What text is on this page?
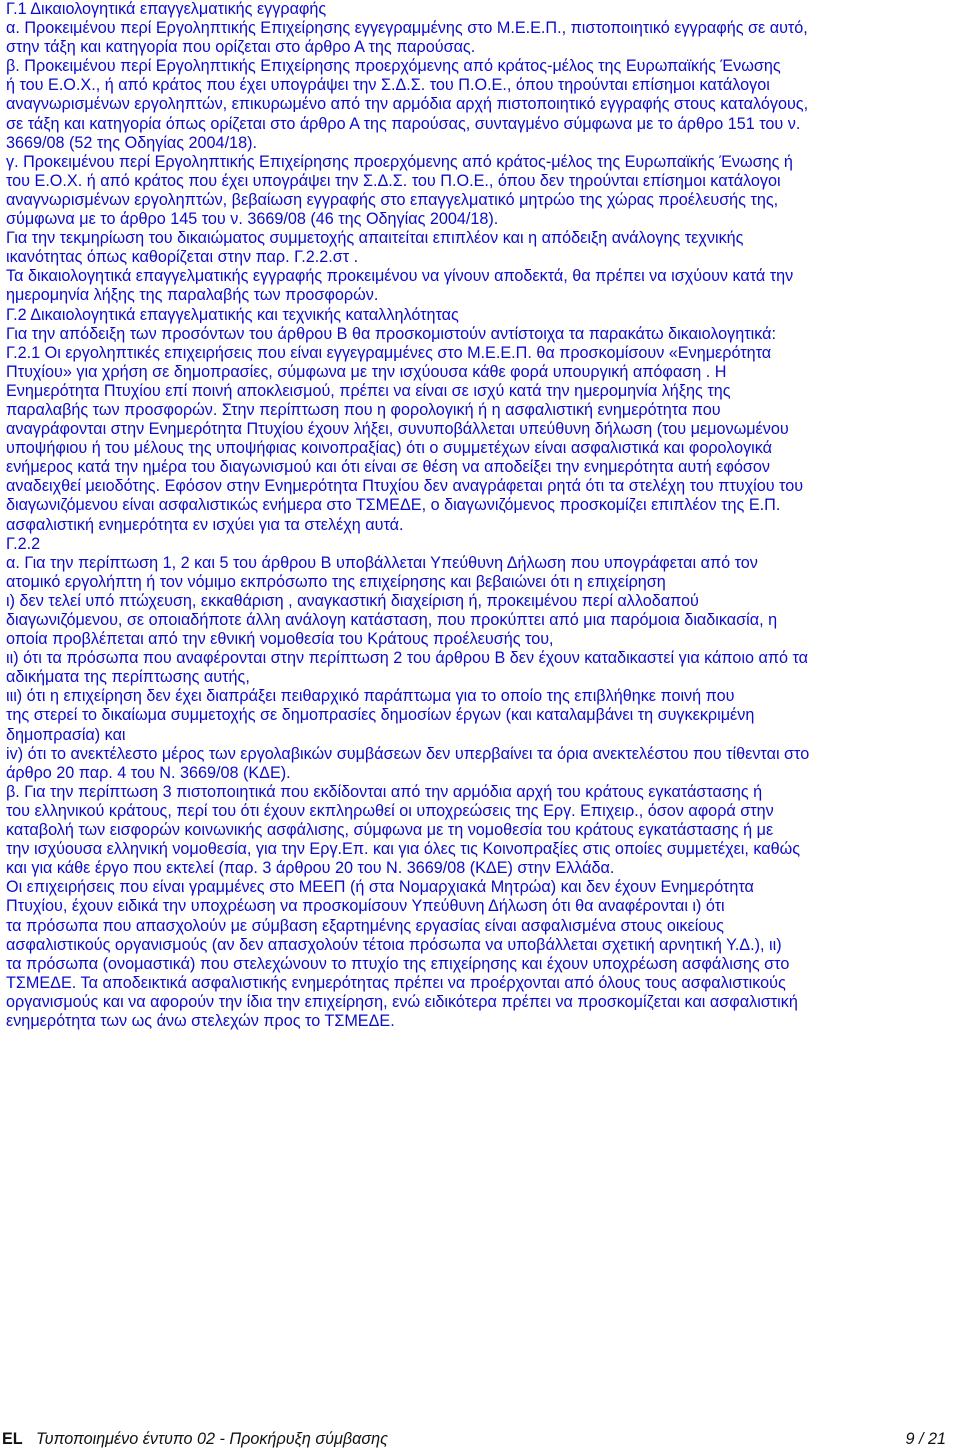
Γ.1 Δικαιολογητικά επαγγελματικής εγγραφής
α. Προκειμένου περί Εργοληπτικής Επιχείρησης εγγεγραμμένης στο Μ.Ε.Ε.Π., πιστοποιητικό εγγραφής σε αυτό,
στην τάξη και κατηγορία που ορίζεται στο άρθρο Α της παρούσας.
β. Προκειμένου περί Εργοληπτικής Επιχείρησης προερχόμενης από κράτος-μέλος της Ευρωπαϊκής Ένωσης
ή του Ε.Ο.Χ., ή από κράτος που έχει υπογράψει την Σ.Δ.Σ. του Π.Ο.Ε., όπου τηρούνται επίσημοι κατάλογοι
αναγνωρισμένων εργοληπτών, επικυρωμένο από την αρμόδια αρχή πιστοποιητικό εγγραφής στους καταλόγους,
σε τάξη και κατηγορία όπως ορίζεται στο άρθρο Α της παρούσας, συνταγμένο σύμφωνα με το άρθρο 151 του ν.
3669/08 (52 της Οδηγίας 2004/18).
γ. Προκειμένου περί Εργοληπτικής Επιχείρησης προερχόμενης από κράτος-μέλος της Ευρωπαϊκής Ένωσης ή
του Ε.Ο.Χ. ή από κράτος που έχει υπογράψει την Σ.Δ.Σ. του Π.Ο.Ε., όπου δεν τηρούνται επίσημοι κατάλογοι
αναγνωρισμένων εργοληπτών, βεβαίωση εγγραφής στο επαγγελματικό μητρώο της χώρας προέλευσής της,
σύμφωνα με το άρθρο 145 του ν. 3669/08 (46 της Οδηγίας 2004/18).
Για την τεκμηρίωση του δικαιώματος συμμετοχής απαιτείται επιπλέον και η απόδειξη ανάλογης τεχνικής
ικανότητας όπως καθορίζεται στην παρ. Γ.2.2.στ .
Τα δικαιολογητικά επαγγελματικής εγγραφής προκειμένου να γίνουν αποδεκτά, θα πρέπει να ισχύουν κατά την
ημερομηνία λήξης της παραλαβής των προσφορών.
Γ.2 Δικαιολογητικά επαγγελματικής και τεχνικής καταλληλότητας
Για την απόδειξη των προσόντων του άρθρου Β θα προσκομιστούν αντίστοιχα τα παρακάτω δικαιολογητικά:
Γ.2.1 Οι εργοληπτικές επιχειρήσεις που είναι εγγεγραμμένες στο Μ.Ε.Ε.Π. θα προσκομίσουν «Ενημερότητα
Πτυχίου» για χρήση σε δημοπρασίες, σύμφωνα με την ισχύουσα κάθε φορά υπουργική απόφαση . Η
Ενημερότητα Πτυχίου επί ποινή αποκλεισμού, πρέπει να είναι σε ισχύ κατά την ημερομηνία λήξης της
παραλαβής των προσφορών. Στην περίπτωση που η φορολογική ή η ασφαλιστική ενημερότητα που
αναγράφονται στην Ενημερότητα Πτυχίου έχουν λήξει, συνυποβάλλεται υπεύθυνη δήλωση (του μεμονωμένου
υποψήφιου ή του μέλους της υποψήφιας κοινοπραξίας) ότι ο συμμετέχων είναι ασφαλιστικά και φορολογικά
ενήμερος κατά την ημέρα του διαγωνισμού και ότι είναι σε θέση να αποδείξει την ενημερότητα αυτή εφόσον
αναδειχθεί μειοδότης. Εφόσον στην Ενημερότητα Πτυχίου δεν αναγράφεται ρητά ότι τα στελέχη του πτυχίου του
διαγωνιζόμενου είναι ασφαλιστικώς ενήμερα στο ΤΣΜΕΔΕ, ο διαγωνιζόμενος προσκομίζει επιπλέον της Ε.Π.
ασφαλιστική ενημερότητα εν ισχύει για τα στελέχη αυτά.
Γ.2.2
α. Για την περίπτωση 1, 2 και 5 του άρθρου Β υποβάλλεται Υπεύθυνη Δήλωση που υπογράφεται από τον
ατομικό εργολήπτη ή τον νόμιμο εκπρόσωπο της επιχείρησης και βεβαιώνει ότι η επιχείρηση
ι) δεν τελεί υπό πτώχευση, εκκαθάριση , αναγκαστική διαχείριση ή, προκειμένου περί αλλοδαπού
διαγωνιζόμενου, σε οποιαδήποτε άλλη ανάλογη κατάσταση, που προκύπτει από μια παρόμοια διαδικασία, η
οποία προβλέπεται από την εθνική νομοθεσία του Κράτους προέλευσής του,
ιι) ότι τα πρόσωπα που αναφέρονται στην περίπτωση 2 του άρθρου Β δεν έχουν καταδικαστεί για κάποιο από τα
αδικήματα της περίπτωσης αυτής,
ιιι) ότι η επιχείρηση δεν έχει διαπράξει πειθαρχικό παράπτωμα για το οποίο της επιβλήθηκε ποινή που
της στερεί το δικαίωμα συμμετοχής σε δημοπρασίες δημοσίων έργων (και καταλαμβάνει τη συγκεκριμένη
δημοπρασία) και
iv) ότι το ανεκτέλεστο μέρος των εργολαβικών συμβάσεων δεν υπερβαίνει τα όρια ανεκτελέστου που τίθενται στο
άρθρο 20 παρ. 4 του Ν. 3669/08 (ΚΔΕ).
β. Για την περίπτωση 3 πιστοποιητικά που εκδίδονται από την αρμόδια αρχή του κράτους εγκατάστασης ή
του ελληνικού κράτους, περί του ότι έχουν εκπληρωθεί οι υποχρεώσεις της Εργ. Επιχειρ., όσον αφορά στην
καταβολή των εισφορών κοινωνικής ασφάλισης, σύμφωνα με τη νομοθεσία του κράτους εγκατάστασης ή με
την ισχύουσα ελληνική νομοθεσία, για την Εργ.Επ. και για όλες τις Κοινοπραξίες στις οποίες συμμετέχει, καθώς
και για κάθε έργο που εκτελεί (παρ. 3 άρθρου 20 του Ν. 3669/08 (ΚΔΕ) στην Ελλάδα.
Οι επιχειρήσεις που είναι γραμμένες στο ΜΕΕΠ (ή στα Νομαρχιακά Μητρώα) και δεν έχουν Ενημερότητα
Πτυχίου, έχουν ειδικά την υποχρέωση να προσκομίσουν Υπεύθυνη Δήλωση ότι θα αναφέρονται ι) ότι
τα πρόσωπα που απασχολούν με σύμβαση εξαρτημένης εργασίας είναι ασφαλισμένα στους οικείους
ασφαλιστικούς οργανισμούς (αν δεν απασχολούν τέτοια πρόσωπα να υποβάλλεται σχετική αρνητική Υ.Δ.), ιι)
τα πρόσωπα (ονομαστικά) που στελεχώνουν το πτυχίο της επιχείρησης και έχουν υποχρέωση ασφάλισης στο
ΤΣΜΕΔΕ. Τα αποδεικτικά ασφαλιστικής ενημερότητας πρέπει να προέρχονται από όλους τους ασφαλιστικούς
οργανισμούς και να αφορούν την ίδια την επιχείρηση, ενώ ειδικότερα πρέπει να προσκομίζεται και ασφαλιστική
ενημερότητα των ως άνω στελεχών προς το ΤΣΜΕΔΕ.
EL Τυποποιημένο έντυπο 02 - Προκήρυξη σύμβασης	9 / 21
